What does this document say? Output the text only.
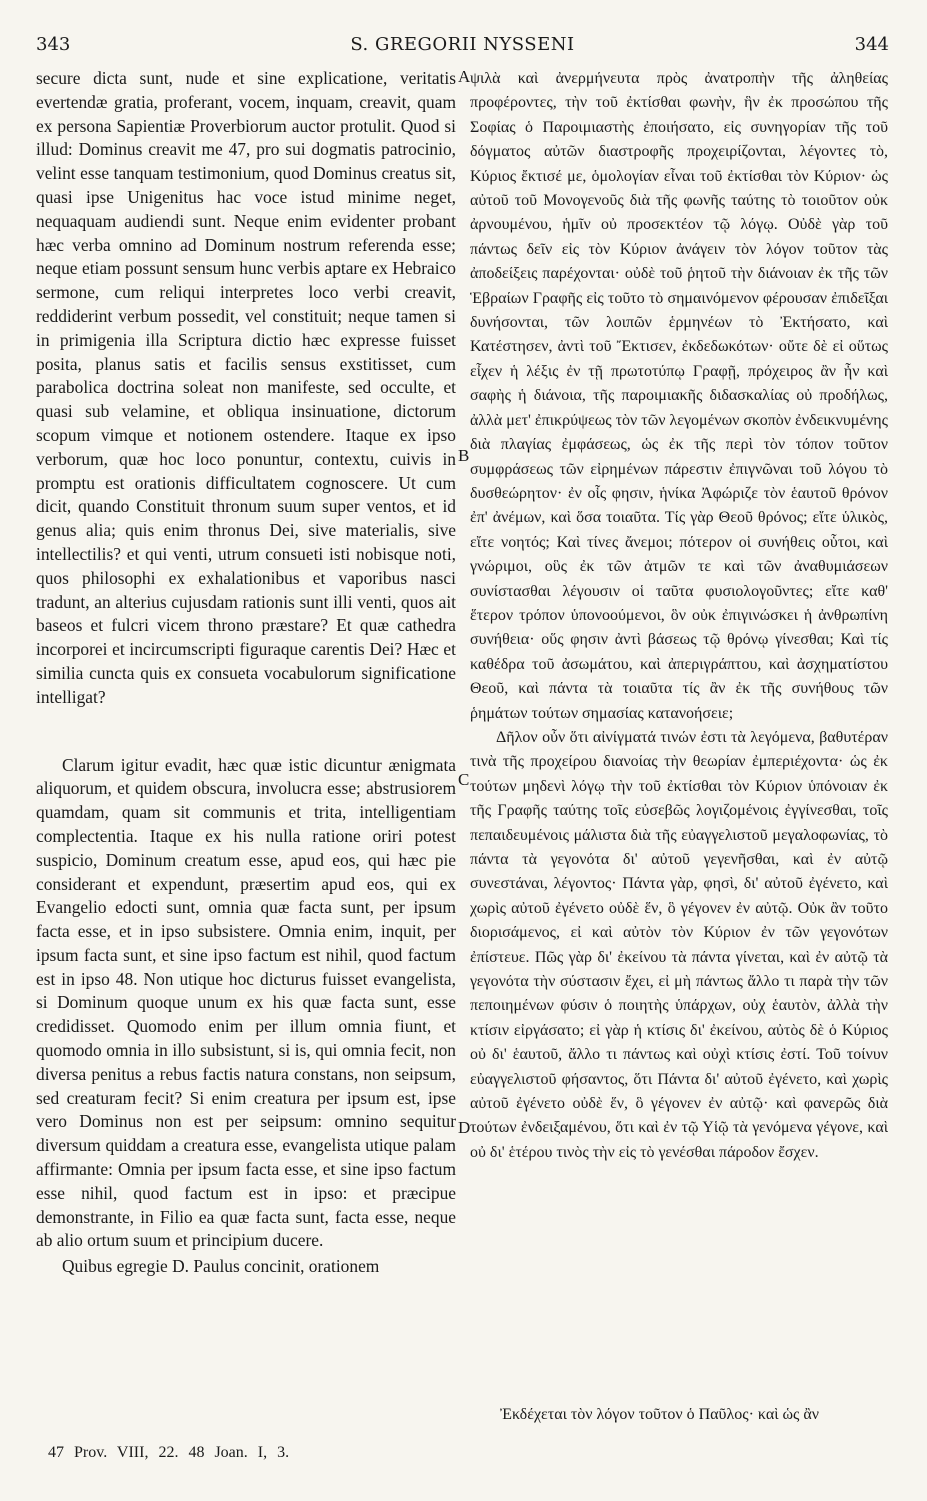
343	S. GREGORII NYSSENI	344

secure dicta sunt, nude et sine explicatione, veritatis evertendæ gratia, proferant, vocem, inquam, creavit, quam ex persona Sapientiæ Proverbiorum auctor protulit. Quod si illud: Dominus creavit me 47, pro sui dogmatis patrocinio, velint esse tanquam testimonium, quod Dominus creatus sit, quasi ipse Unigenitus hac voce istud minime neget, nequaquam audiendi sunt. Neque enim evidenter probant hæc verba omnino ad Dominum nostrum referenda esse; neque etiam possunt sensum hunc verbis aptare ex Hebraico sermone, cum reliqui interpretes loco verbi creavit, reddiderint verbum possedit, vel constituit; neque tamen si in primigenia illa Scriptura dictio hæc expresse fuisset posita, planus satis et facilis sensus exstitisset, cum parabolica doctrina soleat non manifeste, sed occulte, et quasi sub velamine, et obliqua insinuatione, dictorum scopum vimque et notionem ostendere. Itaque ex ipso verborum, quæ hoc loco ponuntur, contextu, cuivis in promptu est orationis difficultatem cognoscere. Ut cum dicit, quando Constituit thronum suum super ventos, et id genus alia; quis enim thronus Dei, sive materialis, sive intellectilis? et qui venti, utrum consueti isti nobisque noti, quos philosophi ex exhalationibus et vaporibus nasci tradunt, an alterius cujusdam rationis sunt illi venti, quos ait baseos et fulcri vicem throno præstare? Et quæ cathedra incorporei et incircumscripti figuraque carentis Dei? Hæc et similia cuncta quis ex consueta vocabulorum significatione intelligat?

Clarum igitur evadit, hæc quæ istic dicuntur ænigmata aliquorum, et quidem obscura, involucra esse; abstrusiorem quamdam, quam sit communis et trita, intelligentiam complectentia. Itaque ex his nulla ratione oriri potest suspicio, Dominum creatum esse, apud eos, qui hæc pie considerant et expendunt, præsertim apud eos, qui ex Evangelio edocti sunt, omnia quæ facta sunt, per ipsum facta esse, et in ipso subsistere. Omnia enim, inquit, per ipsum facta sunt, et sine ipso factum est nihil, quod factum est in ipso 48. Non utique hoc dicturus fuisset evangelista, si Dominum quoque unum ex his quæ facta sunt, esse credidisset. Quomodo enim per illum omnia fiunt, et quomodo omnia in illo subsistunt, si is, qui omnia fecit, non diversa penitus a rebus factis natura constans, non seipsum, sed creaturam fecit? Si enim creatura per ipsum est, ipse vero Dominus non est per seipsum: omnino sequitur diversum quiddam a creatura esse, evangelista utique palam affirmante: Omnia per ipsum facta esse, et sine ipso factum esse nihil, quod factum est in ipso: et præcipue demonstrante, in Filio ea quæ facta sunt, facta esse, neque ab alio ortum suum et principium ducere.

Quibus egregie D. Paulus concinit, orationem

A
B
C
D

ψιλὰ καὶ ἀνερμήνευτα πρὸς ἀνατροπὴν τῆς ἀληθείας προφέροντες, τὴν τοῦ ἐκτίσθαι φωνὴν, ἣν ἐκ προσώπου τῆς Σοφίας ὁ Παροιμιαστὴς ἐποιήσατο, εἰς συνηγορίαν τῆς τοῦ δόγματος αὐτῶν διαστροφῆς προχειρίζονται, λέγοντες τὸ, Κύριος ἔκτισέ με, ὁμολογίαν εἶναι τοῦ ἐκτίσθαι τὸν Κύριον· ὡς αὐτοῦ τοῦ Μονογενοῦς διὰ τῆς φωνῆς ταύτης τὸ τοιοῦτον οὐκ ἀρνουμένου, ἡμῖν οὐ προσεκτέον τῷ λόγῳ. Οὐδὲ γὰρ τοῦ πάντως δεῖν εἰς τὸν Κύριον ἀνάγειν τὸν λόγον τοῦτον τὰς ἀποδείξεις παρέχονται· οὐδὲ τοῦ ῥητοῦ τὴν διάνοιαν ἐκ τῆς τῶν Ἑβραίων Γραφῆς εἰς τοῦτο τὸ σημαινόμενον φέρουσαν ἐπιδεῖξαι δυνήσονται, τῶν λοιπῶν ἑρμηνέων τὸ Ἐκτήσατο, καὶ Κατέστησεν, ἀντὶ τοῦ Ἔκτισεν, ἐκδεδωκότων· οὔτε δὲ εἰ οὕτως εἶχεν ἡ λέξις ἐν τῇ πρωτοτύπῳ Γραφῇ, πρόχειρος ἂν ἦν καὶ σαφὴς ἡ διάνοια, τῆς παροιμιακῆς διδασκαλίας οὐ προδήλως, ἀλλὰ μετ' ἐπικρύψεως τὸν τῶν λεγομένων σκοπὸν ἐνδεικνυμένης διὰ πλαγίας ἐμφάσεως, ὡς ἐκ τῆς περὶ τὸν τόπον τοῦτον συμφράσεως τῶν εἰρημένων πάρεστιν ἐπιγνῶναι τοῦ λόγου τὸ δυσθεώρητον· ἐν οἷς φησιν, ἡνίκα Ἀφώριζε τὸν ἑαυτοῦ θρόνον ἐπ' ἀνέμων, καὶ ὅσα τοιαῦτα. Τίς γὰρ Θεοῦ θρόνος; εἴτε ὑλικὸς, εἴτε νοητός; Καὶ τίνες ἄνεμοι; πότερον οἱ συνήθεις οὗτοι, καὶ γνώριμοι, οὓς ἐκ τῶν ἀτμῶν τε καὶ τῶν ἀναθυμιάσεων συνίστασθαι λέγουσιν οἱ ταῦτα φυσιολογοῦντες; εἴτε καθ' ἕτερον τρόπον ὑπονοούμενοι, ὃν οὐκ ἐπιγινώσκει ἡ ἀνθρωπίνη συνήθεια· οὕς φησιν ἀντὶ βάσεως τῷ θρόνῳ γίνεσθαι; Καὶ τίς καθέδρα τοῦ ἀσωμάτου, καὶ ἀπεριγράπτου, καὶ ἀσχηματίστου Θεοῦ, καὶ πάντα τὰ τοιαῦτα τίς ἂν ἐκ τῆς συνήθους τῶν ῥημάτων τούτων σημασίας κατανοήσειε;

Δῆλον οὖν ὅτι αἰνίγματά τινών ἐστι τὰ λεγόμενα, βαθυτέραν τινὰ τῆς προχείρου διανοίας τὴν θεωρίαν ἐμπεριέχοντα· ὡς ἐκ τούτων μηδενὶ λόγῳ τὴν τοῦ ἐκτίσθαι τὸν Κύριον ὑπόνοιαν ἐκ τῆς Γραφῆς ταύτης τοῖς εὐσεβῶς λογιζομένοις ἐγγίνεσθαι, τοῖς πεπαιδευμένοις μάλιστα διὰ τῆς εὐαγγελιστοῦ μεγαλοφωνίας, τὸ πάντα τὰ γεγονότα δι' αὐτοῦ γεγενῆσθαι, καὶ ἐν αὐτῷ συνεστάναι, λέγοντος· Πάντα γὰρ, φησὶ, δι' αὐτοῦ ἐγένετο, καὶ χωρὶς αὐτοῦ ἐγένετο οὐδὲ ἕν, ὃ γέγονεν ἐν αὐτῷ. Οὐκ ἂν τοῦτο διορισάμενος, εἰ καὶ αὐτὸν τὸν Κύριον ἐν τῶν γεγονότων ἐπίστευε. Πῶς γὰρ δι' ἐκείνου τὰ πάντα γίνεται, καὶ ἐν αὐτῷ τὰ γεγονότα τὴν σύστασιν ἔχει, εἰ μὴ πάντως ἄλλο τι παρὰ τὴν τῶν πεποιημένων φύσιν ὁ ποιητὴς ὑπάρχων, οὐχ ἑαυτὸν, ἀλλὰ τὴν κτίσιν εἰργάσατο; εἰ γὰρ ἡ κτίσις δι' ἐκείνου, αὐτὸς δὲ ὁ Κύριος οὐ δι' ἑαυτοῦ, ἄλλο τι πάντως καὶ οὐχὶ κτίσις ἐστί. Τοῦ τοίνυν εὐαγγελιστοῦ φήσαντος, ὅτι Πάντα δι' αὐτοῦ ἐγένετο, καὶ χωρὶς αὐτοῦ ἐγένετο οὐδὲ ἕν, ὃ γέγονεν ἐν αὐτῷ· καὶ φανερῶς διὰ τούτων ἐνδειξαμένου, ὅτι καὶ ἐν τῷ Υἱῷ τὰ γενόμενα γέγονε, καὶ οὐ δι' ἑτέρου τινὸς τὴν εἰς τὸ γενέσθαι πάροδον ἔσχεν.

Ἐκδέχεται τὸν λόγον τοῦτον ὁ Παῦλος· καὶ ὡς ἂν
47 Prov. VIII, 22. 48 Joan. I, 3.
